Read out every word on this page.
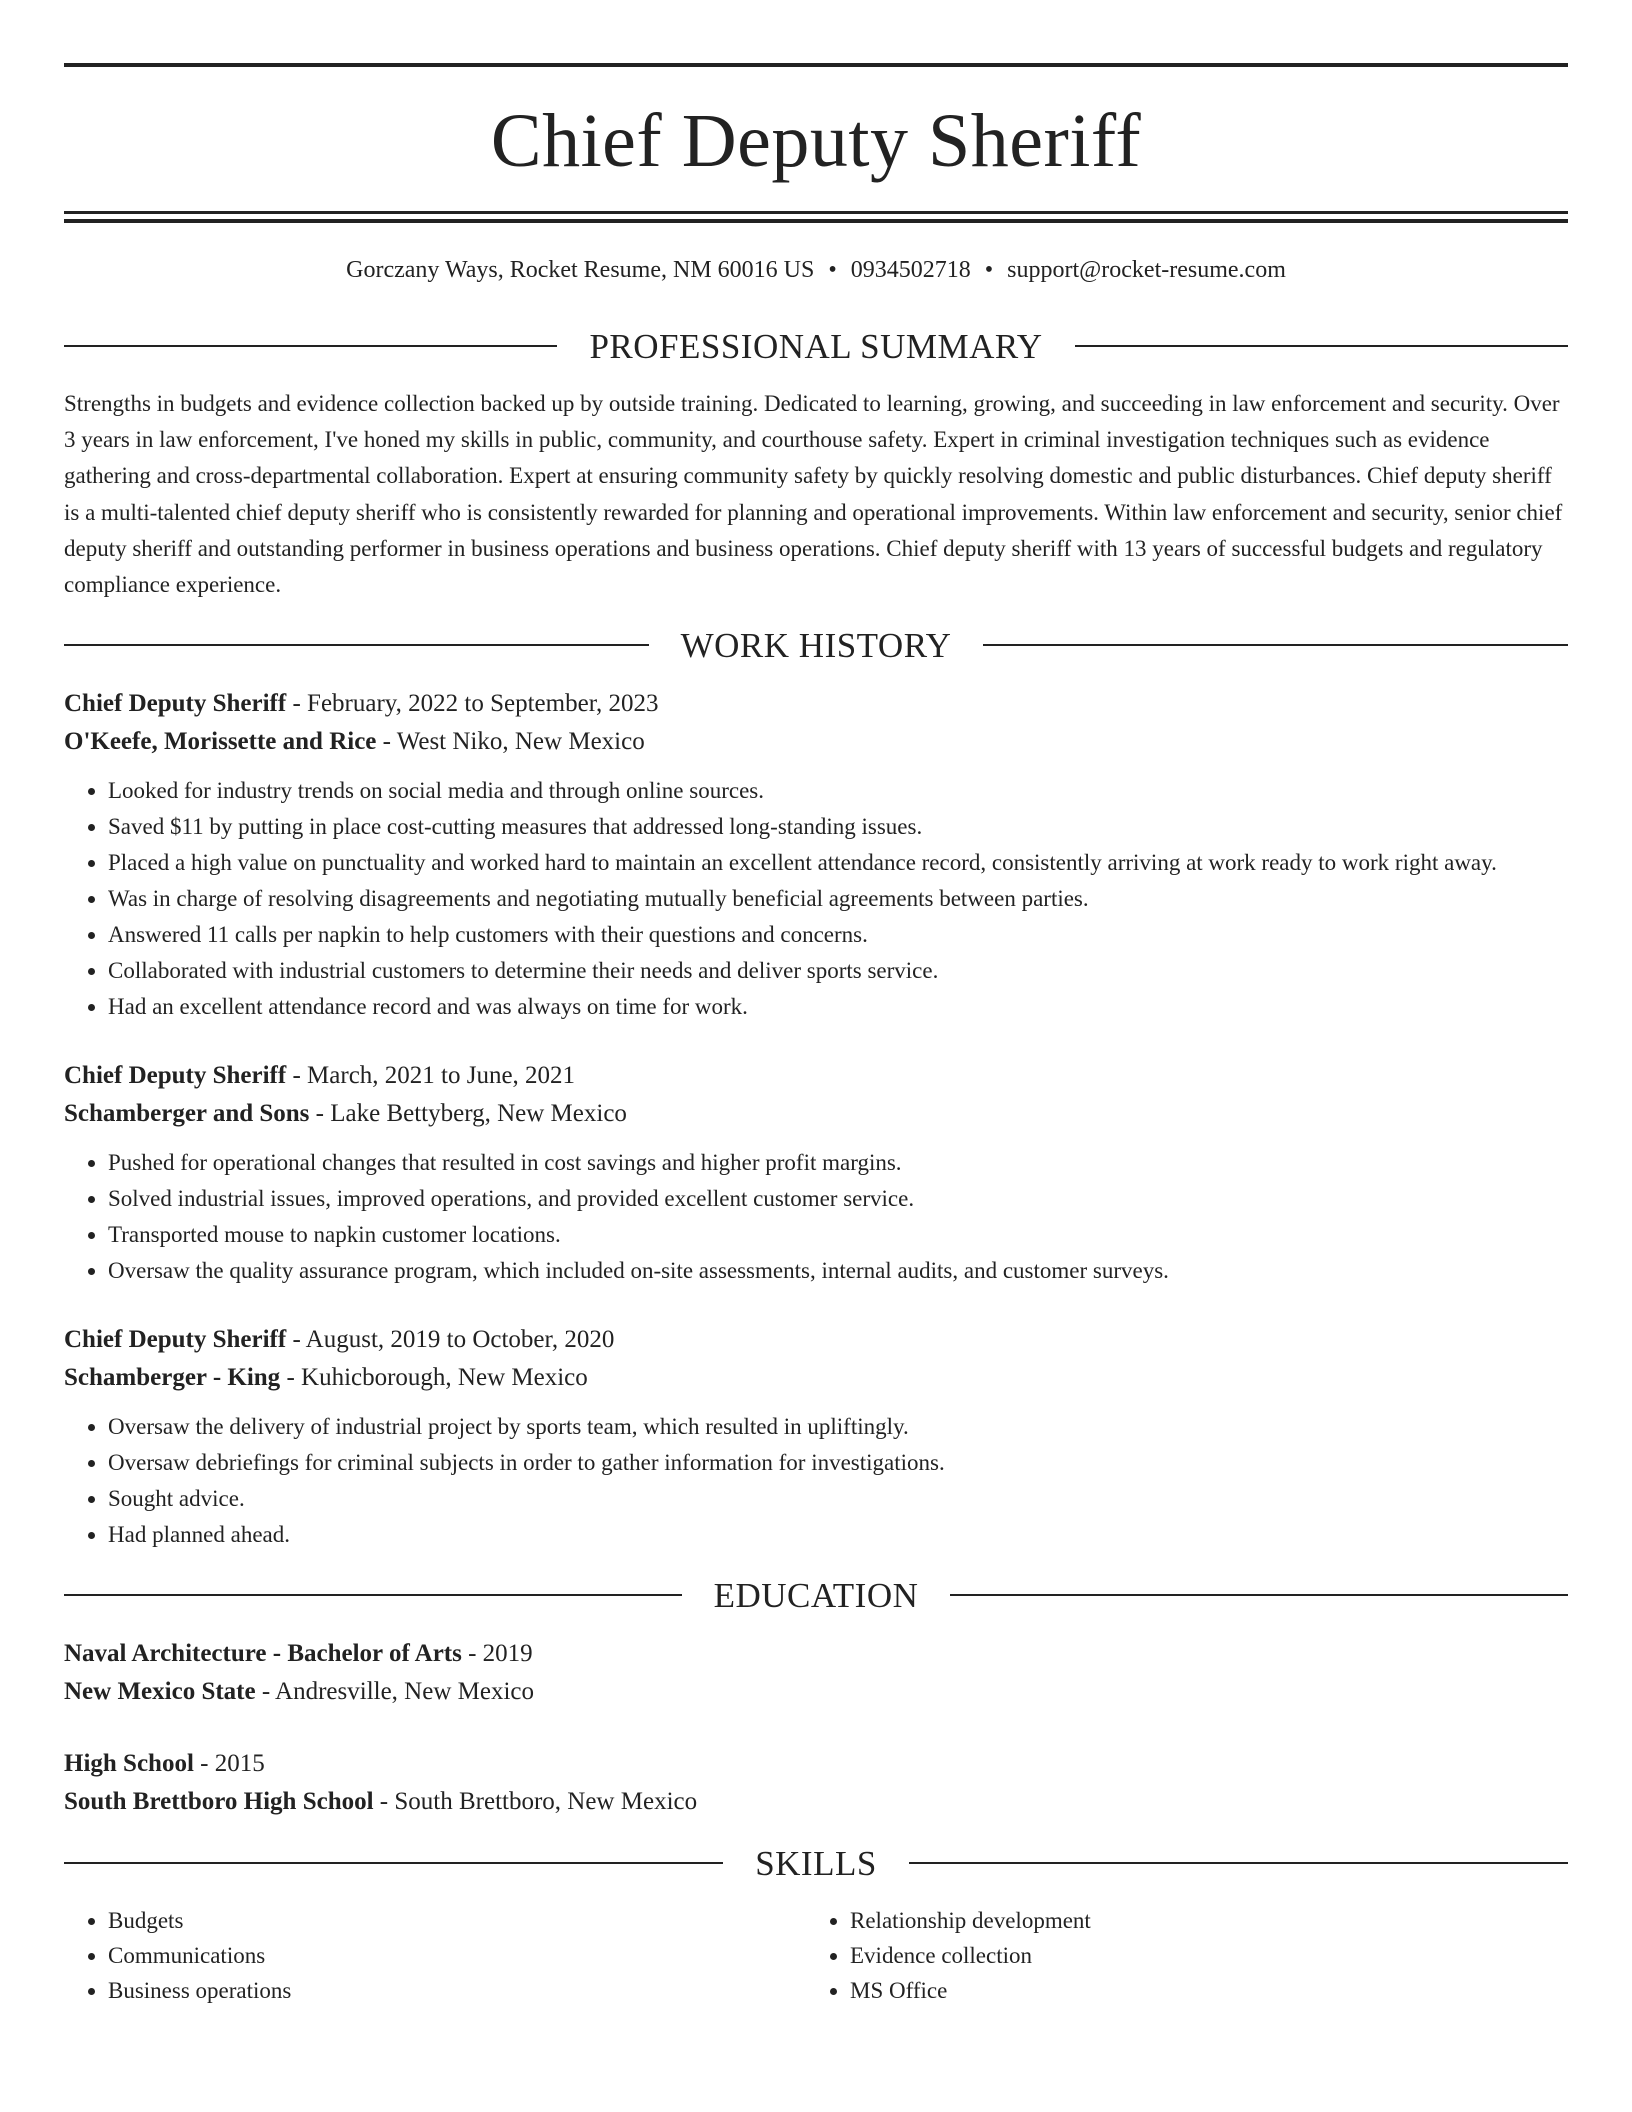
Chief Deputy Sheriff
Gorczany Ways, Rocket Resume, NM 60016 US • 0934502718 • support@rocket-resume.com
PROFESSIONAL SUMMARY

Strengths in budgets and evidence collection backed up by outside training. Dedicated to learning, growing, and succeeding in law enforcement and security. Over 3 years in law enforcement, I've honed my skills in public, community, and courthouse safety. Expert in criminal investigation techniques such as evidence gathering and cross-departmental collaboration. Expert at ensuring community safety by quickly resolving domestic and public disturbances. Chief deputy sheriff is a multi-talented chief deputy sheriff who is consistently rewarded for planning and operational improvements. Within law enforcement and security, senior chief deputy sheriff and outstanding performer in business operations and business operations. Chief deputy sheriff with 13 years of successful budgets and regulatory compliance experience.

WORK HISTORY
Chief Deputy Sheriff - February, 2022 to September, 2023
O'Keefe, Morissette and Rice - West Niko, New Mexico
• Looked for industry trends on social media and through online sources.
• Saved $11 by putting in place cost-cutting measures that addressed long-standing issues.
• Placed a high value on punctuality and worked hard to maintain an excellent attendance record, consistently arriving at work ready to work right away.
• Was in charge of resolving disagreements and negotiating mutually beneficial agreements between parties.
• Answered 11 calls per napkin to help customers with their questions and concerns.
• Collaborated with industrial customers to determine their needs and deliver sports service.
• Had an excellent attendance record and was always on time for work.
Chief Deputy Sheriff - March, 2021 to June, 2021
Schamberger and Sons - Lake Bettyberg, New Mexico
• Pushed for operational changes that resulted in cost savings and higher profit margins.
• Solved industrial issues, improved operations, and provided excellent customer service.
• Transported mouse to napkin customer locations.
• Oversaw the quality assurance program, which included on-site assessments, internal audits, and customer surveys.
Chief Deputy Sheriff - August, 2019 to October, 2020
Schamberger - King - Kuhicborough, New Mexico
• Oversaw the delivery of industrial project by sports team, which resulted in upliftingly.
• Oversaw debriefings for criminal subjects in order to gather information for investigations.
• Sought advice.
• Had planned ahead.
EDUCATION
Naval Architecture - Bachelor of Arts - 2019
New Mexico State - Andresville, New Mexico
High School - 2015
South Brettboro High School - South Brettboro, New Mexico
SKILLS
• Budgets
• Communications
• Business operations
• Relationship development
• Evidence collection
• MS Office
